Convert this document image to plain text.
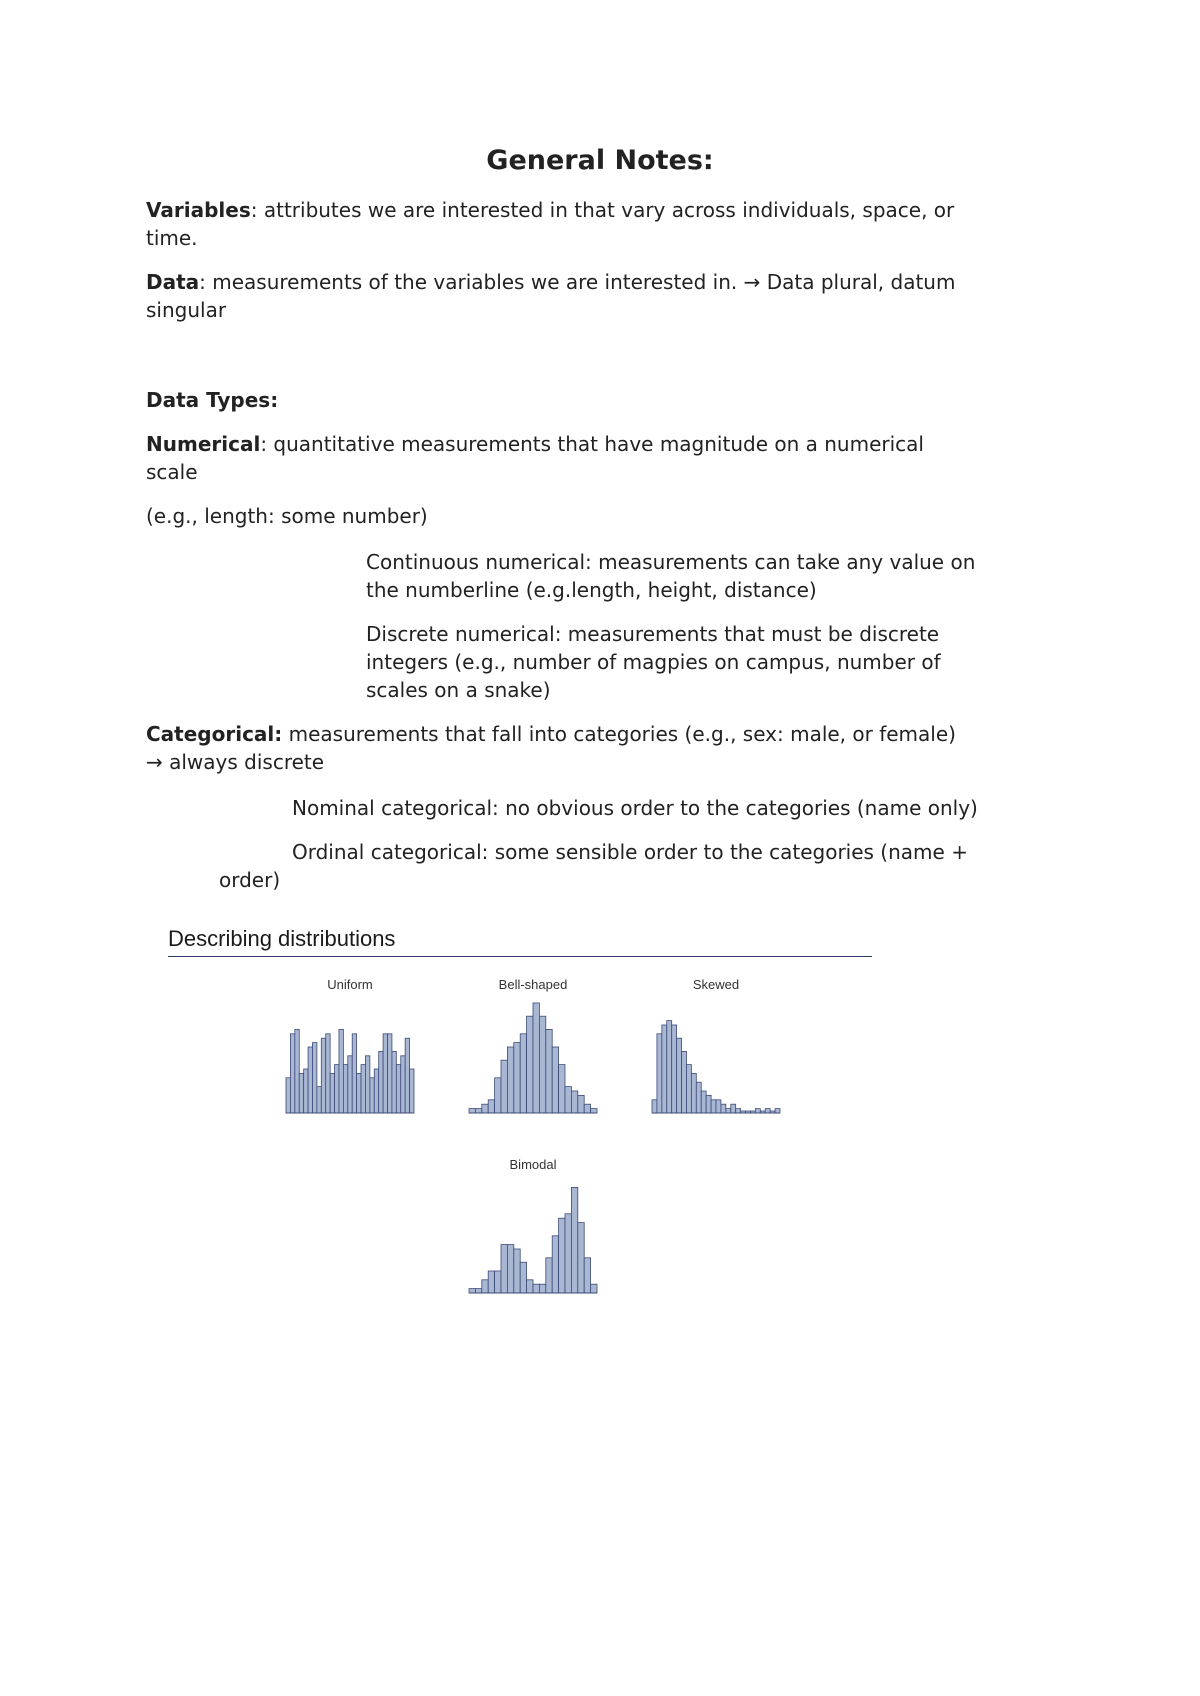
General Notes:
Variables: attributes we are interested in that vary across individuals, space, or
time.
Data: measurements of the variables we are interested in. → Data plural, datum
singular
Data Types:
Numerical: quantitative measurements that have magnitude on a numerical
scale
(e.g., length: some number)
Continuous numerical: measurements can take any value on
the numberline (e.g.length, height, distance)
Discrete numerical: measurements that must be discrete
integers (e.g., number of magpies on campus, number of
scales on a snake)
Categorical: measurements that fall into categories (e.g., sex: male, or female)
→ always discrete
Nominal categorical: no obvious order to the categories (name only)
Ordinal categorical: some sensible order to the categories (name +
order)
Describing distributions
Uniform	Bell-shaped	Skewed
Bimodal
